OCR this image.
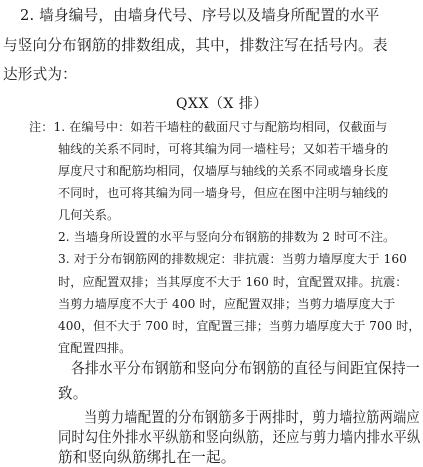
2. 墙身编号，由墙身代号、序号以及墙身所配置的水平
与竖向分布钢筋的排数组成，其中，排数注写在括号内。表
达形式为：
QXX（X 排）
注：1. 在编号中：如若干墙柱的截面尺寸与配筋均相同，仅截面与
轴线的关系不同时，可将其编为同一墙柱号；又如若干墙身的
厚度尺寸和配筋均相同，仅墙厚与轴线的关系不同或墙身长度
不同时，也可将其编为同一墙身号，但应在图中注明与轴线的
几何关系。
2. 当墙身所设置的水平与竖向分布钢筋的排数为 2 时可不注。
3. 对于分布钢筋网的排数规定：非抗震：当剪力墙厚度大于 160
时，应配置双排；当其厚度不大于 160 时，宜配置双排。抗震：
当剪力墙厚度不大于 400 时，应配置双排；当剪力墙厚度大于
400，但不大于 700 时，宜配置三排；当剪力墙厚度大于 700 时，
宜配置四排。
各排水平分布钢筋和竖向分布钢筋的直径与间距宜保持一
致。
当剪力墙配置的分布钢筋多于两排时，剪力墙拉筋两端应
同时勾住外排水平纵筋和竖向纵筋，还应与剪力墙内排水平纵
筋和竖向纵筋绑扎在一起。
